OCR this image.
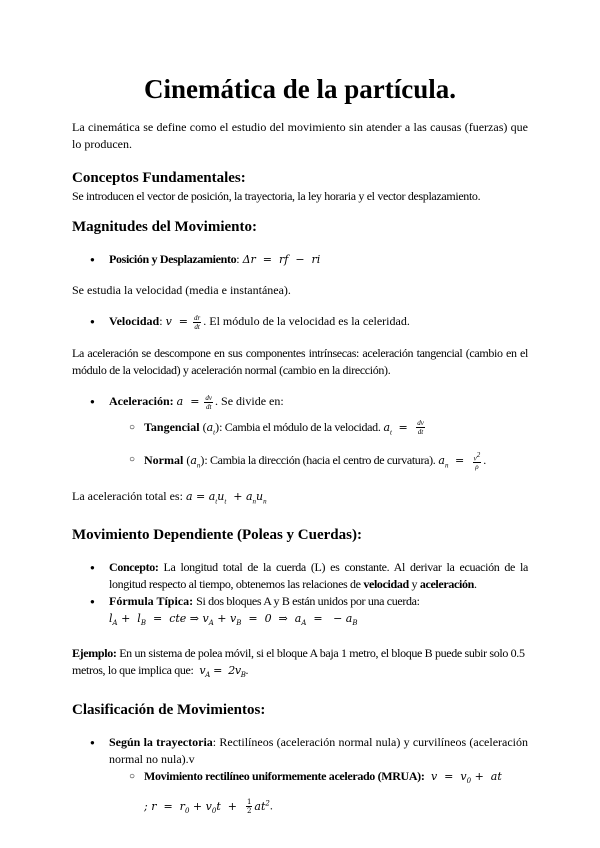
Cinemática de la partícula.

La cinemática se define como el estudio del movimiento sin atender a las causas (fuerzas) que lo producen.

Conceptos Fundamentales:

Se introducen el vector de posición, la trayectoria, la ley horaria y el vector desplazamiento.

Magnitudes del Movimiento:
● Posición y Desplazamiento: Δr  =  rf  −  ri

Se estudia la velocidad (media e instantánea).

● Velocidad: $v = \frac{dr}{dt}$ . El módulo de la velocidad es la celeridad.

La aceleración se descompone en sus componentes intrínsecas: aceleración tangencial (cambio en el módulo de la velocidad) y aceleración normal (cambio en la dirección).

● Aceleración: $a = \frac{dv}{dt}$ . Se divide en:
○ Tangencial $(a_t)$: Cambia el módulo de la velocidad. $a_t = \frac{dv}{dt}$
○ Normal $(a_n)$: Cambia la dirección (hacia el centro de curvatura). $a_n = \frac{v^2}{\rho}$ .

La aceleración total es: $a = a_tu_t + a_nu_n$

Movimiento Dependiente (Poleas y Cuerdas):
● Concepto: La longitud total de la cuerda (L) es constante. Al derivar la ecuación de la longitud respecto al tiempo, obtenemos las relaciones de velocidad y aceleración.
● Fórmula Típica: Si dos bloques A y B están unidos por una cuerda:
$l_A + l_B$  =  cte ⇒ $v_A + v_B = 0$  ⇒  $a_A$  =   − $a_B$

Ejemplo: En un sistema de polea móvil, si el bloque A baja 1 metro, el bloque B puede subir solo 0.5 metros, lo que implica que:  $v_A = 2v_B$.

Clasificación de Movimientos:
● Según la trayectoria: Rectilíneos (aceleración normal nula) y curvilíneos (aceleración normal no nula).v
○ Movimiento rectilíneo uniformemente acelerado (MRUA):  $v = v_0$ +  at
; $r = r_0 + v_0t + \frac{1}{2} at^2$.
